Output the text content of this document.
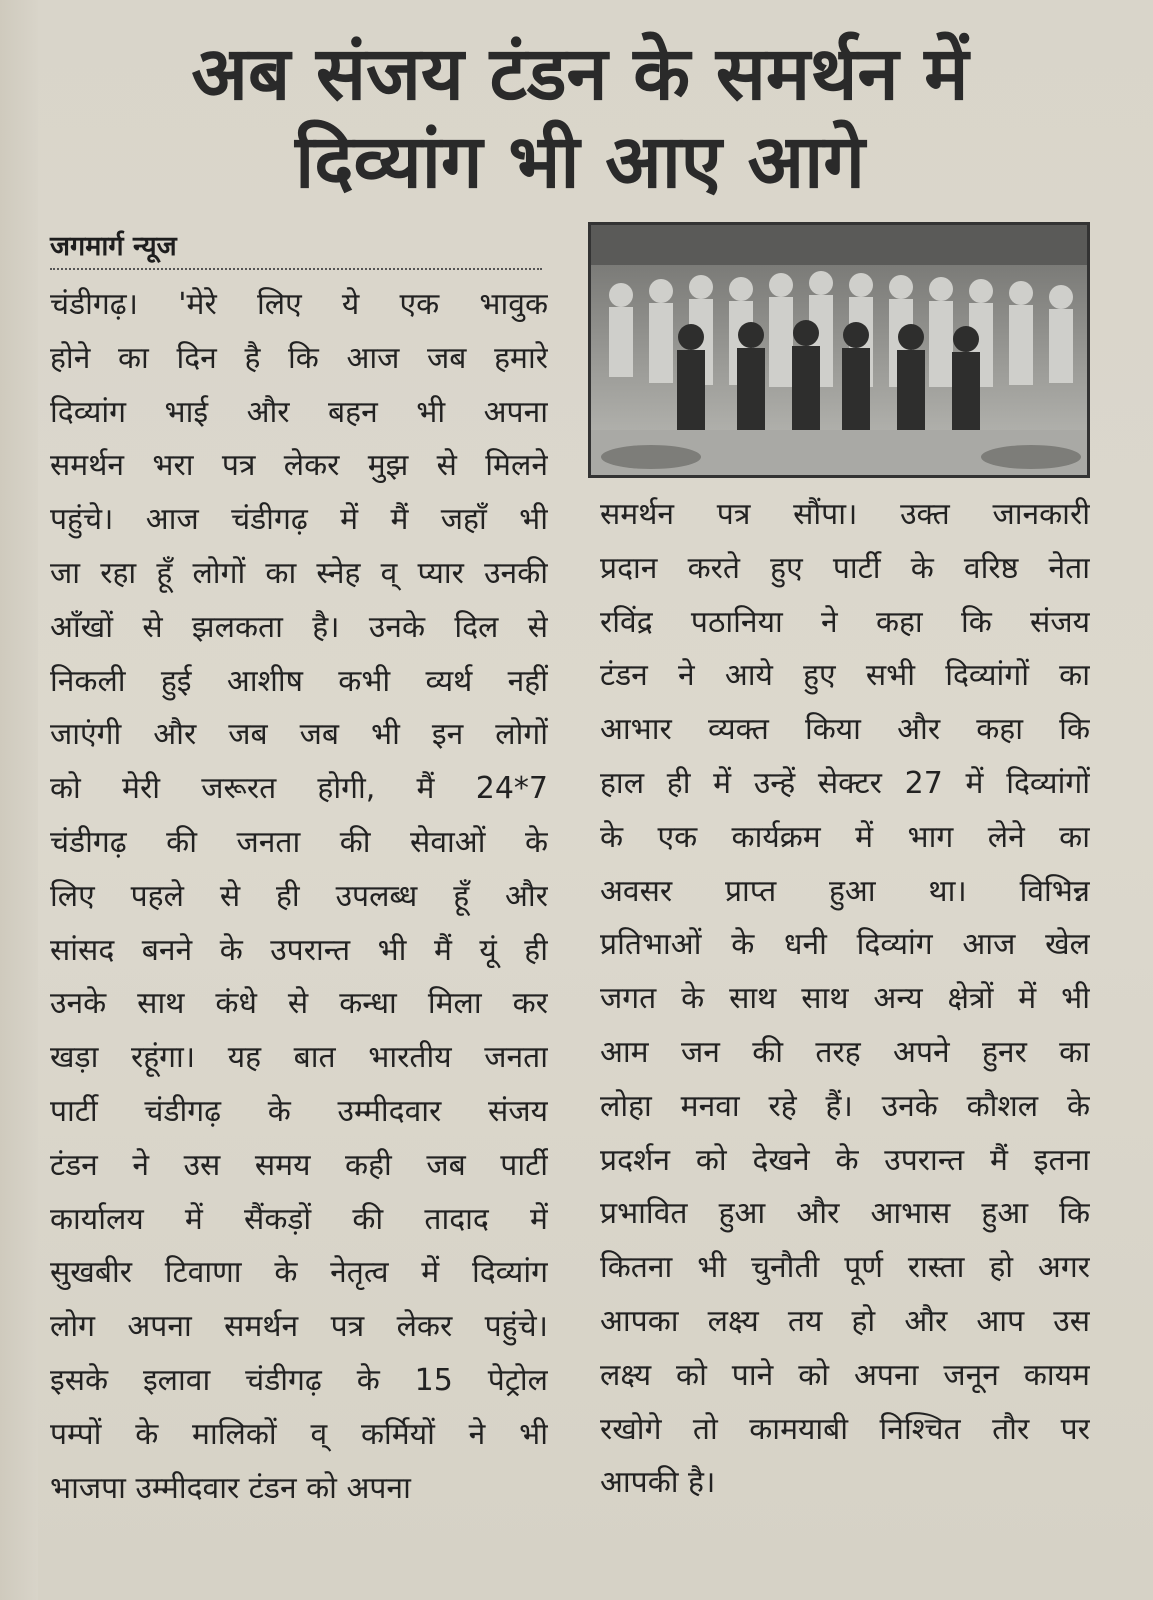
अब संजय टंडन के समर्थन में
दिव्यांग भी आए आगे
जगमार्ग न्यूज
चंडीगढ़। 'मेरे लिए ये एक भावुक
होने का दिन है कि आज जब हमारे
दिव्यांग भाई और बहन भी अपना
समर्थन भरा पत्र लेकर मुझ से मिलने
पहुंचे। आज चंडीगढ़ में मैं जहाँ भी
जा रहा हूँ लोगों का स्नेह व् प्यार उनकी
आँखों से झलकता है। उनके दिल से
निकली हुई आशीष कभी व्यर्थ नहीं
जाएंगी और जब जब भी इन लोगों
को मेरी जरूरत होगी, मैं 24*7
चंडीगढ़ की जनता की सेवाओं के
लिए पहले से ही उपलब्ध हूँ और
सांसद बनने के उपरान्त भी मैं यूं ही
उनके साथ कंधे से कन्धा मिला कर
खड़ा रहूंगा। यह बात भारतीय जनता
पार्टी चंडीगढ़ के उम्मीदवार संजय
टंडन ने उस समय कही जब पार्टी
कार्यालय में सैंकड़ों की तादाद में
सुखबीर टिवाणा के नेतृत्व में दिव्यांग
लोग अपना समर्थन पत्र लेकर पहुंचे।
इसके इलावा चंडीगढ़ के 15 पेट्रोल
पम्पों के मालिकों व् कर्मियों ने भी
भाजपा उम्मीदवार टंडन को अपना
समर्थन पत्र सौंपा। उक्त जानकारी
प्रदान करते हुए पार्टी के वरिष्ठ नेता
रविंद्र पठानिया ने कहा कि संजय
टंडन ने आये हुए सभी दिव्यांगों का
आभार व्यक्त किया और कहा कि
हाल ही में उन्हें सेक्टर 27 में दिव्यांगों
के एक कार्यक्रम में भाग लेने का
अवसर प्राप्त हुआ था। विभिन्न
प्रतिभाओं के धनी दिव्यांग आज खेल
जगत के साथ साथ अन्य क्षेत्रों में भी
आम जन की तरह अपने हुनर का
लोहा मनवा रहे हैं। उनके कौशल के
प्रदर्शन को देखने के उपरान्त मैं इतना
प्रभावित हुआ और आभास हुआ कि
कितना भी चुनौती पूर्ण रास्ता हो अगर
आपका लक्ष्य तय हो और आप उस
लक्ष्य को पाने को अपना जनून कायम
रखोगे तो कामयाबी निश्चित तौर पर
आपकी है।
